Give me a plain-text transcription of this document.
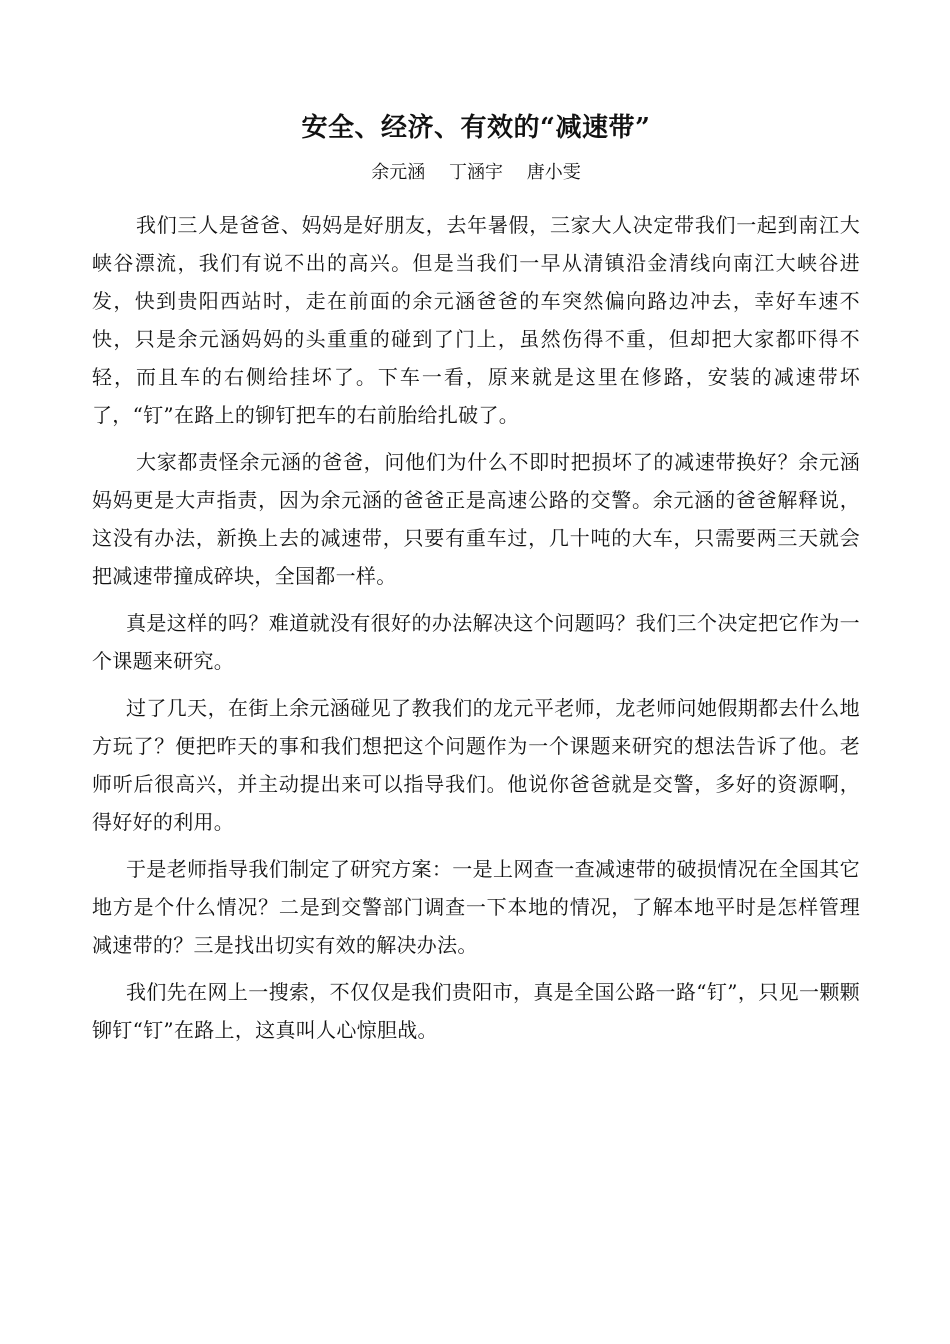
安全、经济、有效的“减速带”
余元涵 丁涵宇 唐小雯

我们三人是爸爸、妈妈是好朋友，去年暑假，三家大人决定带我们一起到南江大峡谷漂流，我们有说不出的高兴。但是当我们一早从清镇沿金清线向南江大峡谷进发，快到贵阳西站时，走在前面的余元涵爸爸的车突然偏向路边冲去，幸好车速不快，只是余元涵妈妈的头重重的碰到了门上，虽然伤得不重，但却把大家都吓得不轻，而且车的右侧给挂坏了。下车一看，原来就是这里在修路，安装的减速带坏了，“钉”在路上的铆钉把车的右前胎给扎破了。

大家都责怪余元涵的爸爸，问他们为什么不即时把损坏了的减速带换好？余元涵妈妈更是大声指责，因为余元涵的爸爸正是高速公路的交警。余元涵的爸爸解释说，这没有办法，新换上去的减速带，只要有重车过，几十吨的大车，只需要两三天就会把减速带撞成碎块，全国都一样。

真是这样的吗？难道就没有很好的办法解决这个问题吗？我们三个决定把它作为一个课题来研究。

过了几天，在街上余元涵碰见了教我们的龙元平老师，龙老师问她假期都去什么地方玩了？便把昨天的事和我们想把这个问题作为一个课题来研究的想法告诉了他。老师听后很高兴，并主动提出来可以指导我们。他说你爸爸就是交警，多好的资源啊，得好好的利用。

于是老师指导我们制定了研究方案：一是上网查一查减速带的破损情况在全国其它地方是个什么情况？二是到交警部门调查一下本地的情况，了解本地平时是怎样管理减速带的？三是找出切实有效的解决办法。

我们先在网上一搜索，不仅仅是我们贵阳市，真是全国公路一路“钉”，只见一颗颗铆钉“钉”在路上，这真叫人心惊胆战。
